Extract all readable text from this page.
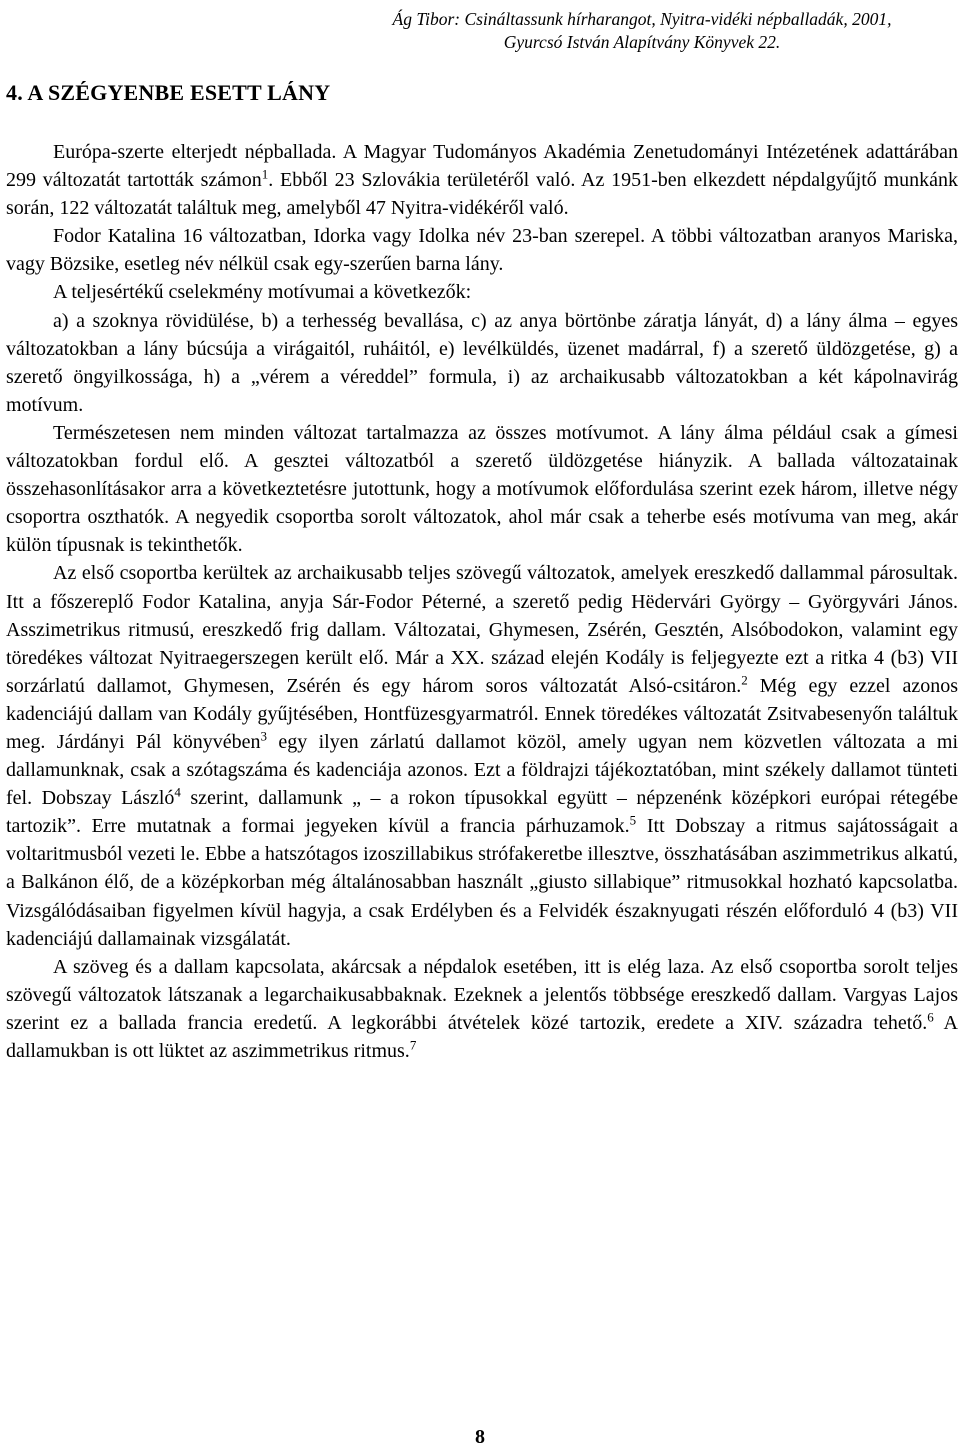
Ág Tibor: Csináltassunk hírharangot, Nyitra-vidéki népballadák, 2001,
Gyurcsó István Alapítvány Könyvek 22.
4. A SZÉGYENBE ESETT LÁNY

Európa-szerte elterjedt népballada. A Magyar Tudományos Akadémia Zenetudományi Intézetének adattárában 299 változatát tartották számon$^1$. Ebből 23 Szlovákia területéről való. Az 1951-ben elkezdett népdalgyűjtő munkánk során, 122 változatát találtuk meg, amelyből 47 Nyitra-vidékéről való.

Fodor Katalina 16 változatban, Idorka vagy Idolka név 23-ban szerepel. A többi változatban aranyos Mariska, vagy Bözsike, esetleg név nélkül csak egy-szerűen barna lány.

A teljesértékű cselekmény motívumai a következők:

a) a szoknya rövidülése, b) a terhesség bevallása, c) az anya börtönbe záratja lányát, d) a lány álma – egyes változatokban a lány búcsúja a virágaitól, ruháitól, e) levélküldés, üzenet madárral, f) a szerető üldözgetése, g) a szerető öngyilkossága, h) a „vérem a véreddel” formula, i) az archaikusabb változatokban a két kápolnavirág motívum.

Természetesen nem minden változat tartalmazza az összes motívumot. A lány álma például csak a gímesi változatokban fordul elő. A gesztei változatból a szerető üldözgetése hiányzik. A ballada változatainak összehasonlításakor arra a következtetésre jutottunk, hogy a motívumok előfordulása szerint ezek három, illetve négy csoportra oszthatók. A negyedik csoportba sorolt változatok, ahol már csak a teherbe esés motívuma van meg, akár külön típusnak is tekinthetők.

Az első csoportba kerültek az archaikusabb teljes szövegű változatok, amelyek ereszkedő dallammal párosultak. Itt a főszereplő Fodor Katalina, anyja Sár-Fodor Péterné, a szerető pedig Hëdervári György – Györgyvári János. Asszimetrikus ritmusú, ereszkedő frig dallam. Változatai, Ghymesen, Zsérén, Gesztén, Alsóbodokon, valamint egy töredékes változat Nyitraegerszegen került elő. Már a XX. század elején Kodály is feljegyezte ezt a ritka 4 (b3) VII sorzárlatú dallamot, Ghymesen, Zsérén és egy három soros változatát Alsó-csitáron.$^2$ Még egy ezzel azonos kadenciájú dallam van Kodály gyűjtésében, Hontfüzesgyarmatról. Ennek töredékes változatát Zsitvabesenyőn találtuk meg. Járdányi Pál könyvében$^3$ egy ilyen zárlatú dallamot közöl, amely ugyan nem közvetlen változata a mi dallamunknak, csak a szótagszáma és kadenciája azonos. Ezt a földrajzi tájékoztatóban, mint székely dallamot tünteti fel. Dobszay László$^4$ szerint, dallamunk „ – a rokon típusokkal együtt – népzenénk középkori európai rétegébe tartozik”. Erre mutatnak a formai jegyeken kívül a francia párhuzamok.$^5$ Itt Dobszay a ritmus sajátosságait a voltaritmusból vezeti le. Ebbe a hatszótagos izoszillabikus strófakeretbe illesztve, összhatásában aszimmetrikus alkatú, a Balkánon élő, de a középkorban még általánosabban használt „giusto sillabique” ritmusokkal hozható kapcsolatba. Vizsgálódásaiban figyelmen kívül hagyja, a csak Erdélyben és a Felvidék északnyugati részén előforduló 4 (b3) VII kadenciájú dallamainak vizsgálatát.

A szöveg és a dallam kapcsolata, akárcsak a népdalok esetében, itt is elég laza. Az első csoportba sorolt teljes szövegű változatok látszanak a legarchaikusabbaknak. Ezeknek a jelentős többsége ereszkedő dallam. Vargyas Lajos szerint ez a ballada francia eredetű. A legkorábbi átvételek közé tartozik, eredete a XIV. századra tehető.$^6$ A dallamukban is ott lüktet az aszimmetrikus ritmus.$^7$

8
